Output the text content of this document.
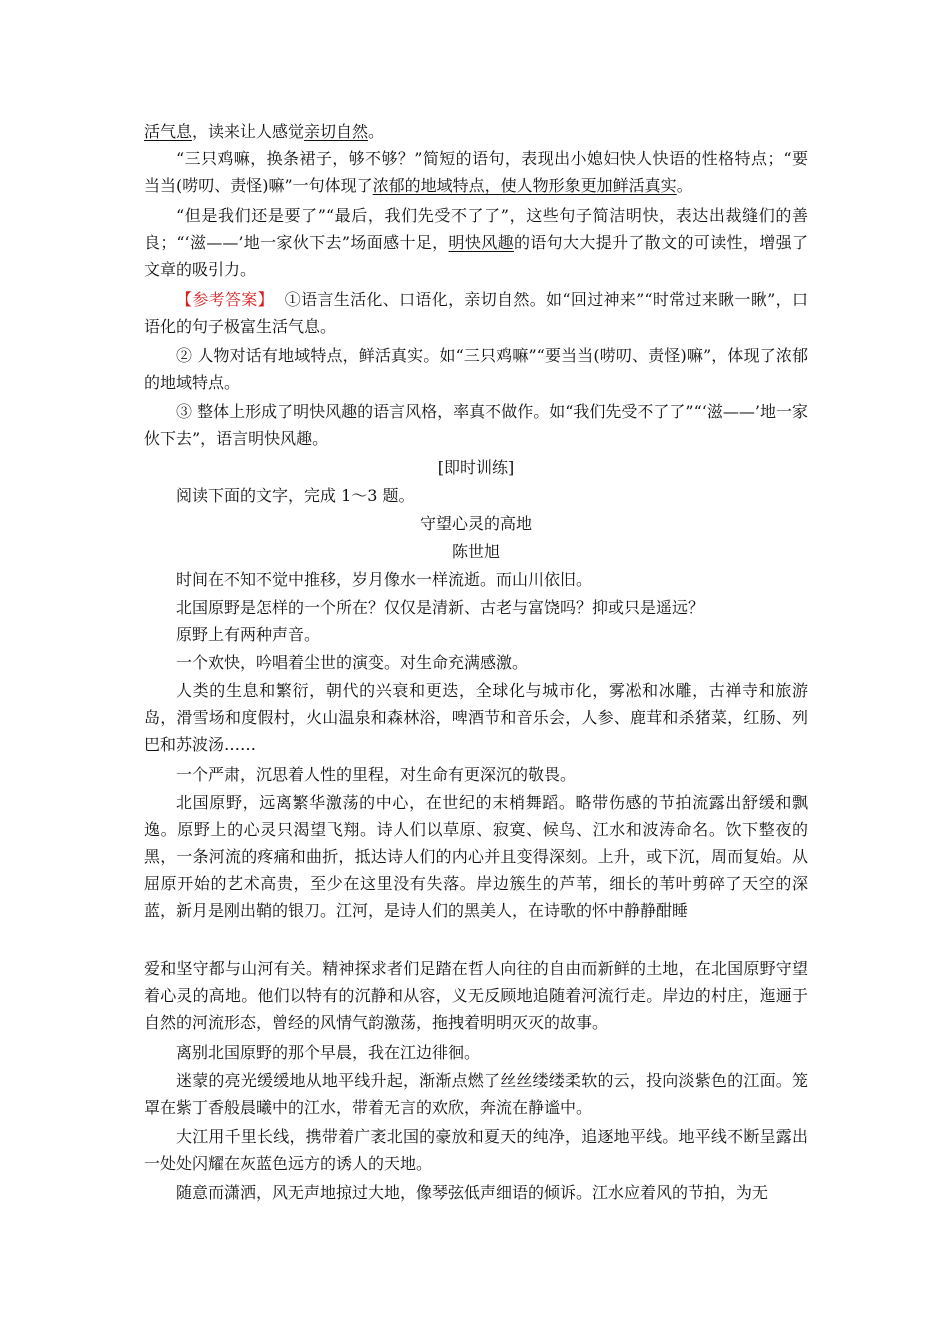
活气息，读来让人感觉亲切自然。

“三只鸡嘛，换条裙子，够不够？”简短的语句，表现出小媳妇快人快语的性格特点；“要当当(唠叨、责怪)嘛”一句体现了浓郁的地域特点，使人物形象更加鲜活真实。

“但是我们还是要了”“最后，我们先受不了了”，这些句子简洁明快，表达出裁缝们的善良；“‘滋——’地一家伙下去”场面感十足，明快风趣的语句大大提升了散文的可读性，增强了文章的吸引力。

【参考答案】 ①语言生活化、口语化，亲切自然。如“回过神来”“时常过来瞅一瞅”，口语化的句子极富生活气息。

② 人物对话有地域特点，鲜活真实。如“三只鸡嘛”“要当当(唠叨、责怪)嘛”，体现了浓郁的地域特点。

③ 整体上形成了明快风趣的语言风格，率真不做作。如“我们先受不了了”“‘滋——’地一家伙下去”，语言明快风趣。

[即时训练]

阅读下面的文字，完成 1～3 题。

守望心灵的高地

陈世旭

时间在不知不觉中推移，岁月像水一样流逝。而山川依旧。

北国原野是怎样的一个所在？仅仅是清新、古老与富饶吗？抑或只是遥远？

原野上有两种声音。

一个欢快，吟唱着尘世的演变。对生命充满感激。

人类的生息和繁衍，朝代的兴衰和更迭，全球化与城市化，雾凇和冰雕，古禅寺和旅游岛，滑雪场和度假村，火山温泉和森林浴，啤酒节和音乐会，人参、鹿茸和杀猪菜，红肠、列巴和苏波汤……

一个严肃，沉思着人性的里程，对生命有更深沉的敬畏。

北国原野，远离繁华激荡的中心，在世纪的末梢舞蹈。略带伤感的节拍流露出舒缓和飘逸。原野上的心灵只渴望飞翔。诗人们以草原、寂寞、候鸟、江水和波涛命名。饮下整夜的黑，一条河流的疼痛和曲折，抵达诗人们的内心并且变得深刻。上升，或下沉，周而复始。从屈原开始的艺术高贵，至少在这里没有失落。岸边簇生的芦苇，细长的苇叶剪碎了天空的深蓝，新月是刚出鞘的银刀。江河，是诗人们的黑美人，在诗歌的怀中静静酣睡

爱和坚守都与山河有关。精神探求者们足踏在哲人向往的自由而新鲜的土地，在北国原野守望着心灵的高地。他们以特有的沉静和从容，义无反顾地追随着河流行走。岸边的村庄，迤逦于自然的河流形态，曾经的风情气韵激荡，拖拽着明明灭灭的故事。

离别北国原野的那个早晨，我在江边徘徊。

迷蒙的亮光缓缓地从地平线升起，渐渐点燃了丝丝缕缕柔软的云，投向淡紫色的江面。笼罩在紫丁香般晨曦中的江水，带着无言的欢欣，奔流在静谧中。

大江用千里长线，携带着广袤北国的豪放和夏天的纯净，追逐地平线。地平线不断呈露出一处处闪耀在灰蓝色远方的诱人的天地。

随意而潇洒，风无声地掠过大地，像琴弦低声细语的倾诉。江水应着风的节拍，为无
